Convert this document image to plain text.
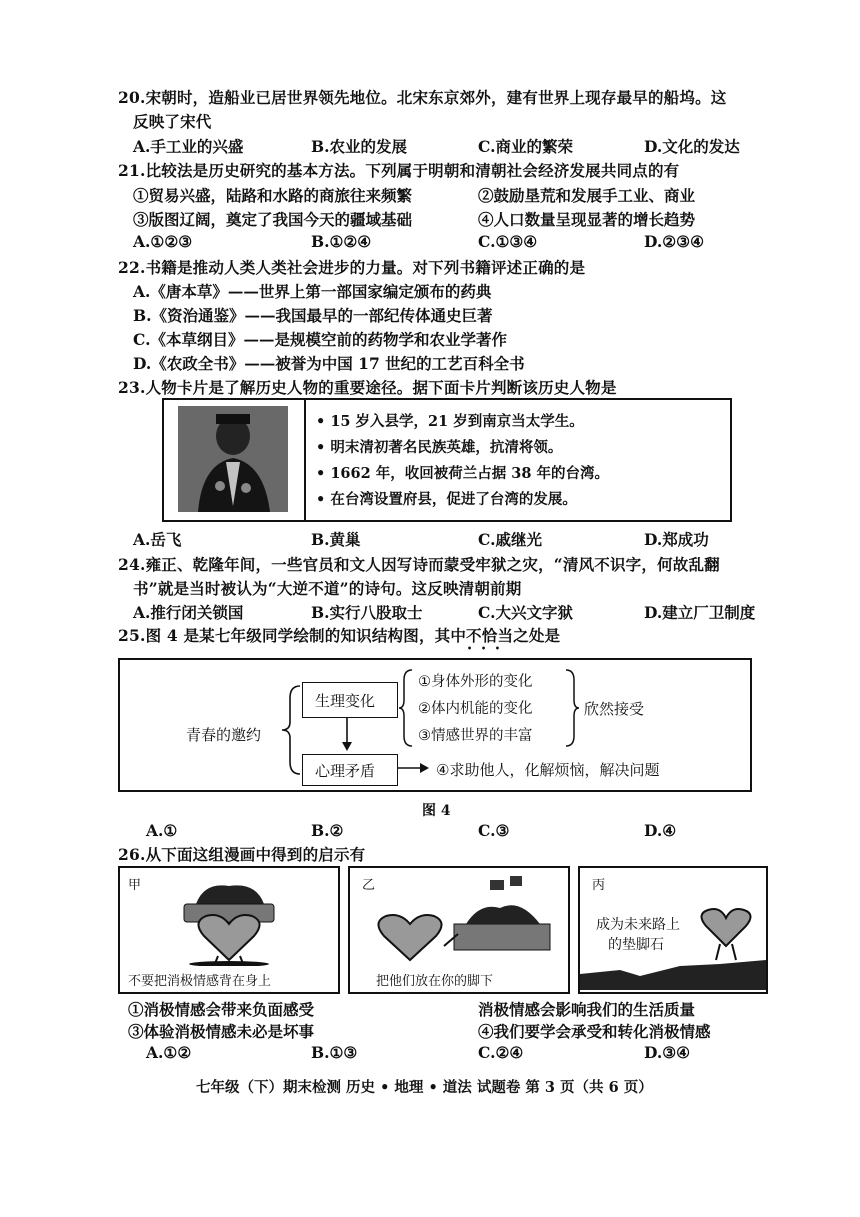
20.宋朝时，造船业已居世界领先地位。北宋东京郊外，建有世界上现存最早的船坞。这
反映了宋代
A.手工业的兴盛	B.农业的发展	C.商业的繁荣	D.文化的发达
21.比较法是历史研究的基本方法。下列属于明朝和清朝社会经济发展共同点的有
①贸易兴盛，陆路和水路的商旅往来频繁	②鼓励垦荒和发展手工业、商业
③版图辽阔，奠定了我国今天的疆域基础	④人口数量呈现显著的增长趋势
A.①②③	B.①②④	C.①③④	D.②③④
22.书籍是推动人类人类社会进步的力量。对下列书籍评述正确的是
A.《唐本草》——世界上第一部国家编定颁布的药典
B.《资治通鉴》——我国最早的一部纪传体通史巨著
C.《本草纲目》——是规模空前的药物学和农业学著作
D.《农政全书》——被誉为中国 17 世纪的工艺百科全书
23.人物卡片是了解历史人物的重要途径。据下面卡片判断该历史人物是
• 15 岁入县学，21 岁到南京当太学生。
• 明末清初著名民族英雄，抗清将领。
• 1662 年，收回被荷兰占据 38 年的台湾。
• 在台湾设置府县，促进了台湾的发展。
A.岳飞	B.黄巢	C.戚继光	D.郑成功
24.雍正、乾隆年间，一些官员和文人因写诗而蒙受牢狱之灾，“清风不识字，何故乱翻
书”就是当时被认为“大逆不道”的诗句。这反映清朝前期
A.推行闭关锁国	B.实行八股取士	C.大兴文字狱	D.建立厂卫制度
25.图 4 是某七年级同学绘制的知识结构图，其中不恰当 • • •之处是
青春的邀约
生理变化
心理矛盾
①身体外形的变化
②体内机能的变化
③情感世界的丰富
欣然接受
④求助他人，化解烦恼，解决问题
图 4
A.①	B.②	C.③	D.④
26.从下面这组漫画中得到的启示有
甲
不要把消极情感背在身上
乙
把他们放在你的脚下
丙
成为未来路上
的垫脚石
①消极情感会带来负面感受	消极情感会影响我们的生活质量
③体验消极情感未必是坏事	④我们要学会承受和转化消极情感
A.①②	B.①③	C.②④	D.③④
七年级（下）期末检测 历史 • 地理 • 道法 试题卷 第 3 页（共 6 页）
